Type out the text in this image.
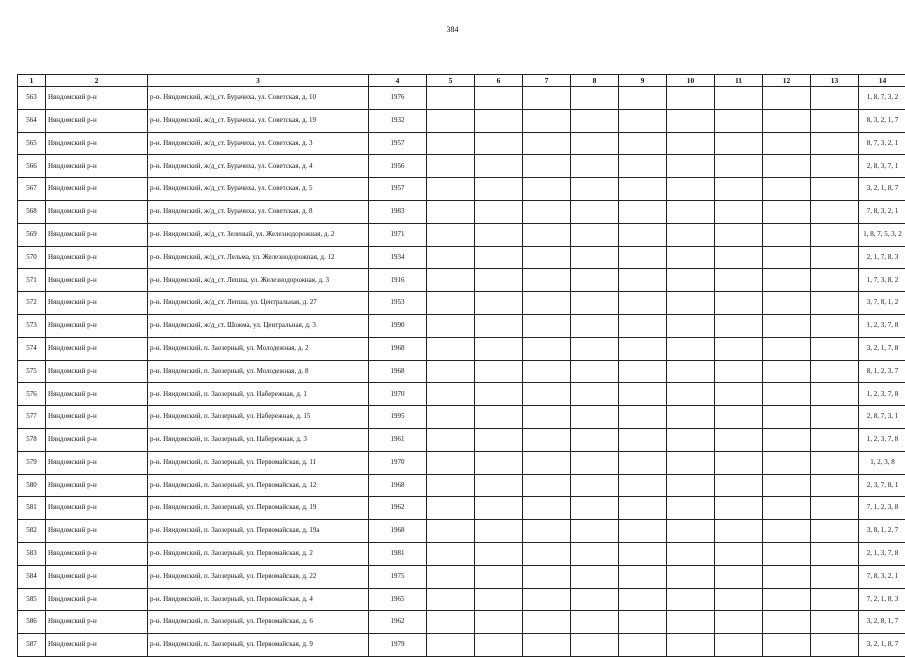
384
1	2	3	4	5	6	7	8	9	10	11	12	13	14
563	Няндомский р-н	р-н. Няндомский, ж/д_ст. Бурачиха, ул. Советская, д. 10	1976										1, 8, 7, 3, 2
564	Няндомский р-н	р-н. Няндомский, ж/д_ст. Бурачиха, ул. Советская, д. 19	1932										8, 3, 2, 1, 7
565	Няндомский р-н	р-н. Няндомский, ж/д_ст. Бурачиха, ул. Советская, д. 3	1957										8, 7, 3, 2, 1
566	Няндомский р-н	р-н. Няндомский, ж/д_ст. Бурачиха, ул. Советская, д. 4	1956										2, 8, 3, 7, 1
567	Няндомский р-н	р-н. Няндомский, ж/д_ст. Бурачиха, ул. Советская, д. 5	1957										3, 2, 1, 8, 7
568	Няндомский р-н	р-н. Няндомский, ж/д_ст. Бурачиха, ул. Советская, д. 8	1983										7, 8, 3, 2, 1
569	Няндомский р-н	р-н. Няндомский, ж/д_ст. Зеленый, ул. Железнодорожная, д. 2	1971										1, 8, 7, 5, 3, 2
570	Няндомский р-н	р-н. Няндомский, ж/д_ст. Лельма, ул. Железнодорожная, д. 12	1934										2, 1, 7, 8, 3
571	Няндомский р-н	р-н. Няндомский, ж/д_ст. Лепша, ул. Железнодорожная, д. 3	1916										1, 7, 3, 8, 2
572	Няндомский р-н	р-н. Няндомский, ж/д_ст. Лепша, ул. Центральная, д. 27	1953										3, 7, 8, 1, 2
573	Няндомский р-н	р-н. Няндомский, ж/д_ст. Шожма, ул. Центральная, д. 3	1990										1, 2, 3, 7, 8
574	Няндомский р-н	р-н. Няндомский, п. Заозерный, ул. Молодежная, д. 2	1968										3, 2, 1, 7, 8
575	Няндомский р-н	р-н. Няндомский, п. Заозерный, ул. Молодежная, д. 8	1968										8, 1, 2, 3, 7
576	Няндомский р-н	р-н. Няндомский, п. Заозерный, ул. Набережная, д. 1	1970										1, 2, 3, 7, 8
577	Няндомский р-н	р-н. Няндомский, п. Заозерный, ул. Набережная, д. 15	1995										2, 8, 7, 3, 1
578	Няндомский р-н	р-н. Няндомский, п. Заозерный, ул. Набережная, д. 3	1961										1, 2, 3, 7, 8
579	Няндомский р-н	р-н. Няндомский, п. Заозерный, ул. Первомайская, д. 11	1970										1, 2, 3, 8
580	Няндомский р-н	р-н. Няндомский, п. Заозерный, ул. Первомайская, д. 12	1968										2, 3, 7, 8, 1
581	Няндомский р-н	р-н. Няндомский, п. Заозерный, ул. Первомайская, д. 19	1962										7, 1, 2, 3, 8
582	Няндомский р-н	р-н. Няндомский, п. Заозерный, ул. Первомайская, д. 19а	1968										3, 8, 1, 2, 7
583	Няндомский р-н	р-н. Няндомский, п. Заозерный, ул. Первомайская, д. 2	1981										2, 1, 3, 7, 8
584	Няндомский р-н	р-н. Няндомский, п. Заозерный, ул. Первомайская, д. 22	1975										7, 8, 3, 2, 1
585	Няндомский р-н	р-н. Няндомский, п. Заозерный, ул. Первомайская, д. 4	1965										7, 2, 1, 8, 3
586	Няндомский р-н	р-н. Няндомский, п. Заозерный, ул. Первомайская, д. 6	1962										3, 2, 8, 1, 7
587	Няндомский р-н	р-н. Няндомский, п. Заозерный, ул. Первомайская, д. 9	1979										3, 2, 1, 8, 7
